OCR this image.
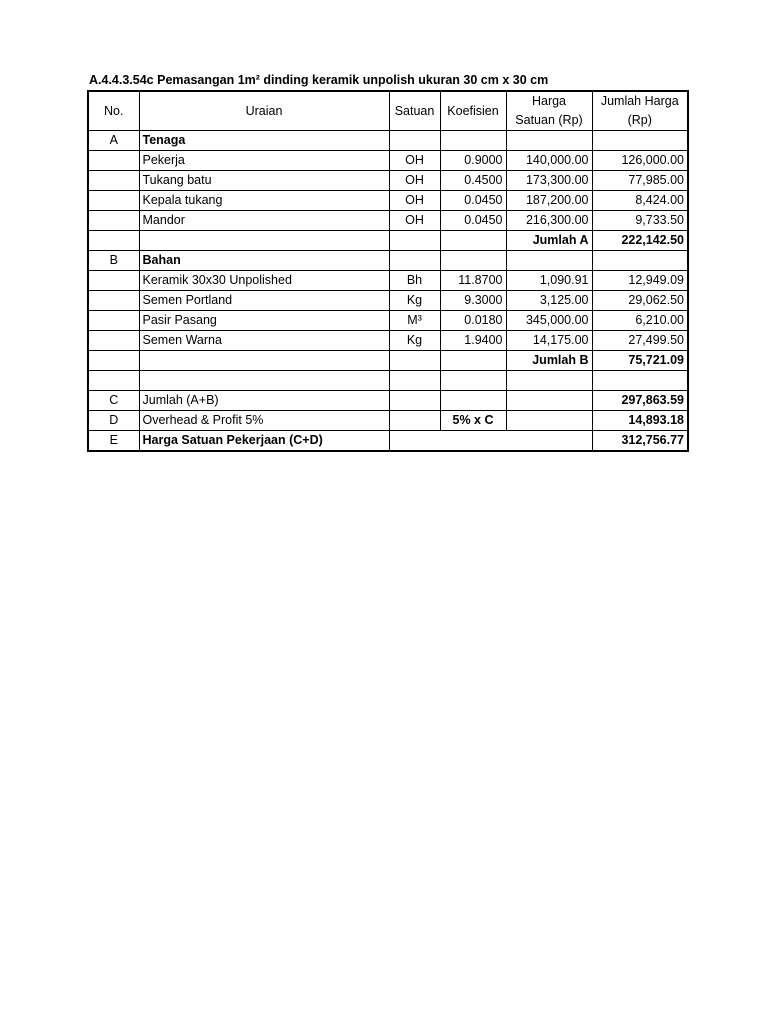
A.4.4.3.54c Pemasangan 1m² dinding keramik unpolish ukuran 30 cm x 30 cm
No.	Uraian	Satuan	Koefisien	Harga	Jumlah Harga
				Satuan (Rp)	(Rp)
A	Tenaga				
	Pekerja	OH	0.9000	140,000.00	126,000.00
	Tukang batu	OH	0.4500	173,300.00	77,985.00
	Kepala tukang	OH	0.0450	187,200.00	8,424.00
	Mandor	OH	0.0450	216,300.00	9,733.50
				Jumlah A	222,142.50
B	Bahan				
	Keramik 30x30 Unpolished	Bh	11.8700	1,090.91	12,949.09
	Semen Portland	Kg	9.3000	3,125.00	29,062.50
	Pasir Pasang	M³	0.0180	345,000.00	6,210.00
	Semen Warna	Kg	1.9400	14,175.00	27,499.50
				Jumlah B	75,721.09

C	Jumlah (A+B)				297,863.59
D	Overhead & Profit 5%		5% x C		14,893.18
E	Harga Satuan Pekerjaan (C+D)				312,756.77
